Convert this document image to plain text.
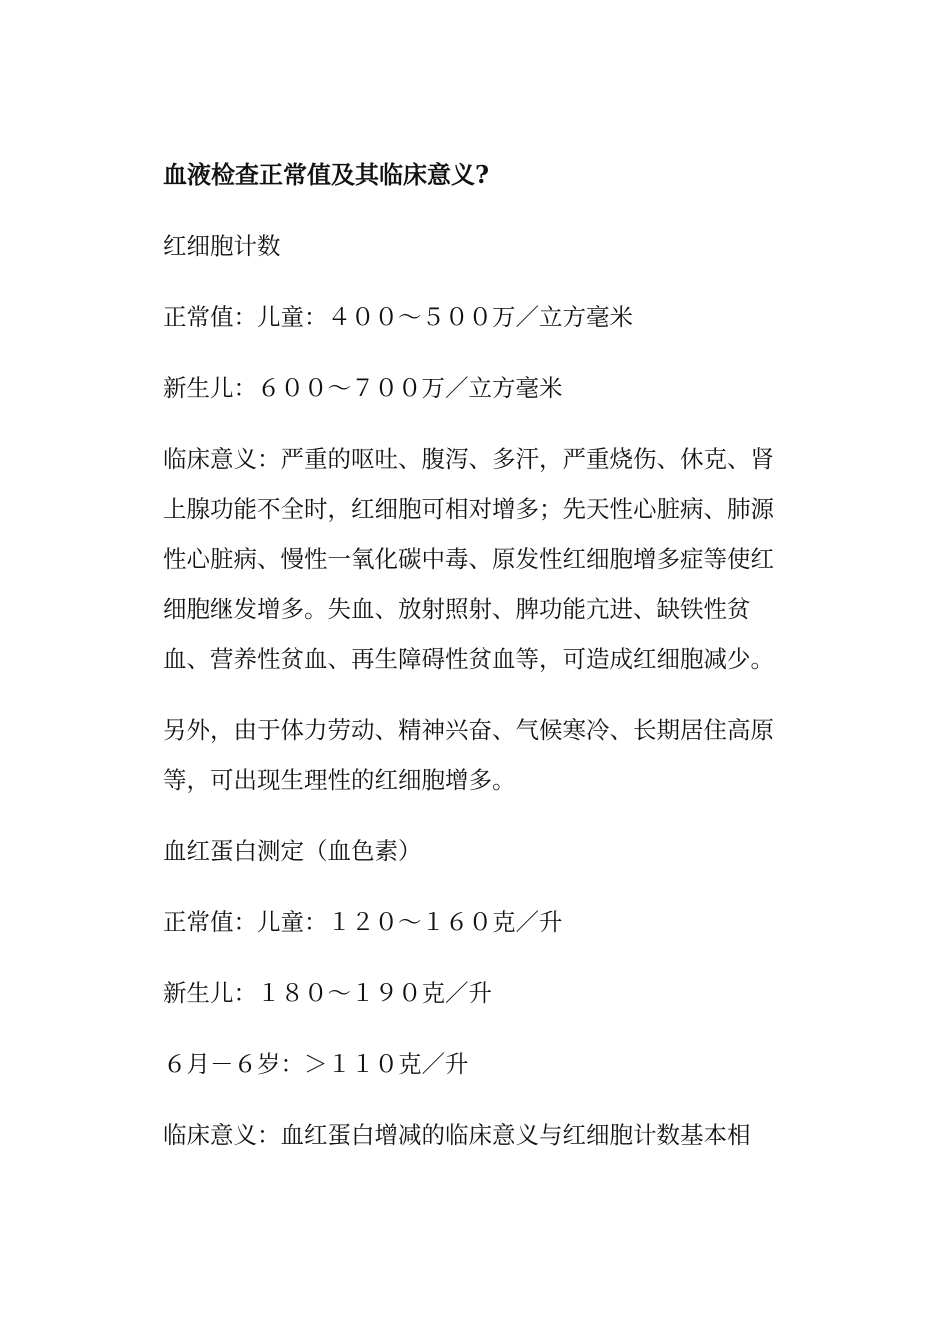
血液检查正常值及其临床意义?
红细胞计数
正常值：儿童：４００～５００万／立方毫米
新生儿：６００～７００万／立方毫米
临床意义：严重的呕吐、腹泻、多汗，严重烧伤、休克、肾
上腺功能不全时，红细胞可相对增多；先天性心脏病、肺源
性心脏病、慢性一氧化碳中毒、原发性红细胞增多症等使红
细胞继发增多。失血、放射照射、脾功能亢进、缺铁性贫
血、营养性贫血、再生障碍性贫血等，可造成红细胞减少。
另外，由于体力劳动、精神兴奋、气候寒冷、长期居住高原
等，可出现生理性的红细胞增多。
血红蛋白测定（血色素）
正常值：儿童：１２０～１６０克／升
新生儿：１８０～１９０克／升
６月－６岁：＞１１０克／升
临床意义：血红蛋白增减的临床意义与红细胞计数基本相
